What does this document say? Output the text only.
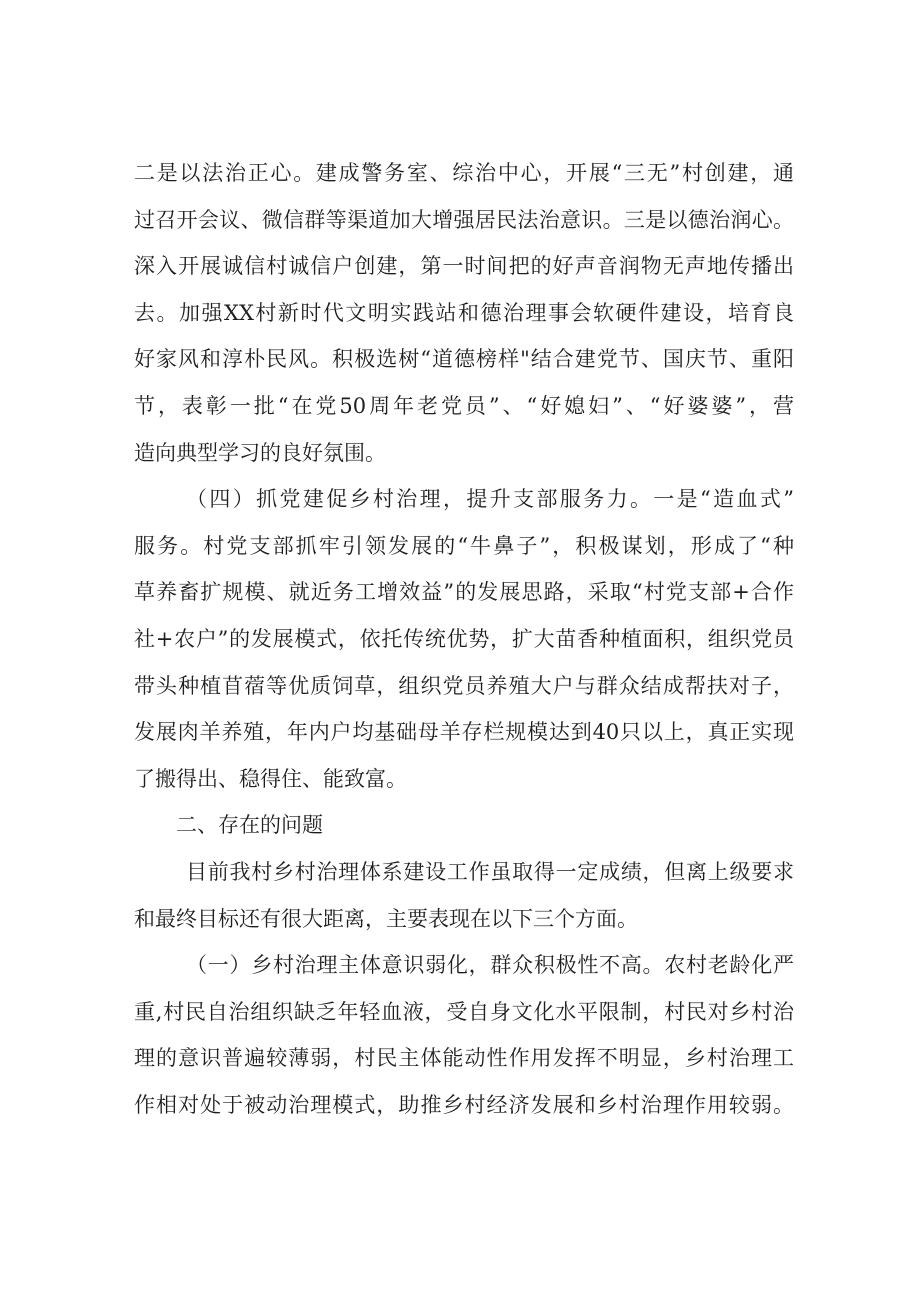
二是以法治正心。建成警务室、综治中心，开展“三无”村创建，通
过召开会议、微信群等渠道加大增强居民法治意识。三是以德治润心。
深入开展诚信村诚信户创建，第一时间把的好声音润物无声地传播出
去。加强XX村新时代文明实践站和德治理事会软硬件建设，培育良
好家风和淳朴民风。积极选树“道德榜样"结合建党节、国庆节、重阳
节，表彰一批“在党50周年老党员”、“好媳妇”、“好婆婆”，营
造向典型学习的良好氛围。
（四）抓党建促乡村治理，提升支部服务力。一是“造血式”
服务。村党支部抓牢引领发展的“牛鼻子”，积极谋划，形成了“种
草养畜扩规模、就近务工增效益”的发展思路，采取“村党支部+合作
社+农户”的发展模式，依托传统优势，扩大苗香种植面积，组织党员
带头种植苜蓿等优质饲草，组织党员养殖大户与群众结成帮扶对子，
发展肉羊养殖，年内户均基础母羊存栏规模达到40只以上，真正实现
了搬得出、稳得住、能致富。
二、存在的问题
目前我村乡村治理体系建设工作虽取得一定成绩，但离上级要求
和最终目标还有很大距离，主要表现在以下三个方面。
（一）乡村治理主体意识弱化，群众积极性不高。农村老龄化严
重,村民自治组织缺乏年轻血液，受自身文化水平限制，村民对乡村治
理的意识普遍较薄弱，村民主体能动性作用发挥不明显，乡村治理工
作相对处于被动治理模式，助推乡村经济发展和乡村治理作用较弱。
